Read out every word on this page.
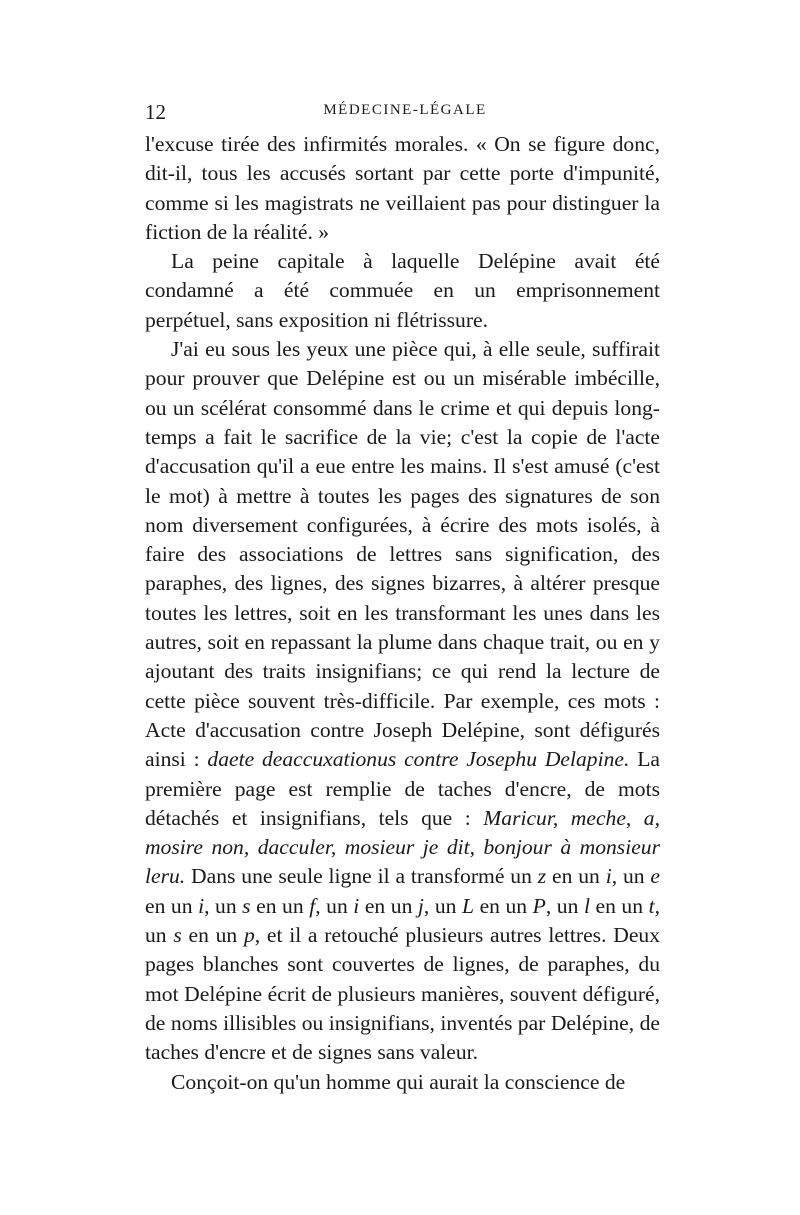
12	MÉDECINE-LÉGALE

l'excuse tirée des infirmités morales. « On se figure donc, dit-il, tous les accusés sortant par cette porte d'impunité, comme si les magistrats ne veillaient pas pour distinguer la fiction de la réalité. »

La peine capitale à laquelle Delépine avait été condamné a été commuée en un emprisonnement perpétuel, sans exposition ni flétrissure.

J'ai eu sous les yeux une pièce qui, à elle seule, suffirait pour prouver que Delépine est ou un misérable imbécille, ou un scélérat consommé dans le crime et qui depuis long-temps a fait le sacrifice de la vie; c'est la copie de l'acte d'accusation qu'il a eue entre les mains. Il s'est amusé (c'est le mot) à mettre à toutes les pages des signatures de son nom diversement configurées, à écrire des mots isolés, à faire des associations de lettres sans signification, des paraphes, des lignes, des signes bizarres, à altérer presque toutes les lettres, soit en les transformant les unes dans les autres, soit en repassant la plume dans chaque trait, ou en y ajoutant des traits insignifians; ce qui rend la lecture de cette pièce souvent très-difficile. Par exemple, ces mots : Acte d'accusation contre Joseph Delépine, sont défigurés ainsi : daete deaccuxationus contre Josephu Delapine. La première page est remplie de taches d'encre, de mots détachés et insignifians, tels que : Maricur, meche, a, mosire non, dacculer, mosieur je dit, bonjour à monsieur leru. Dans une seule ligne il a transformé un z en un i, un e en un i, un s en un f, un i en un j, un L en un P, un l en un t, un s en un p, et il a retouché plusieurs autres lettres. Deux pages blanches sont couvertes de lignes, de paraphes, du mot Delépine écrit de plusieurs manières, souvent défiguré, de noms illisibles ou insignifians, inventés par Delépine, de taches d'encre et de signes sans valeur.

Conçoit-on qu'un homme qui aurait la conscience de
